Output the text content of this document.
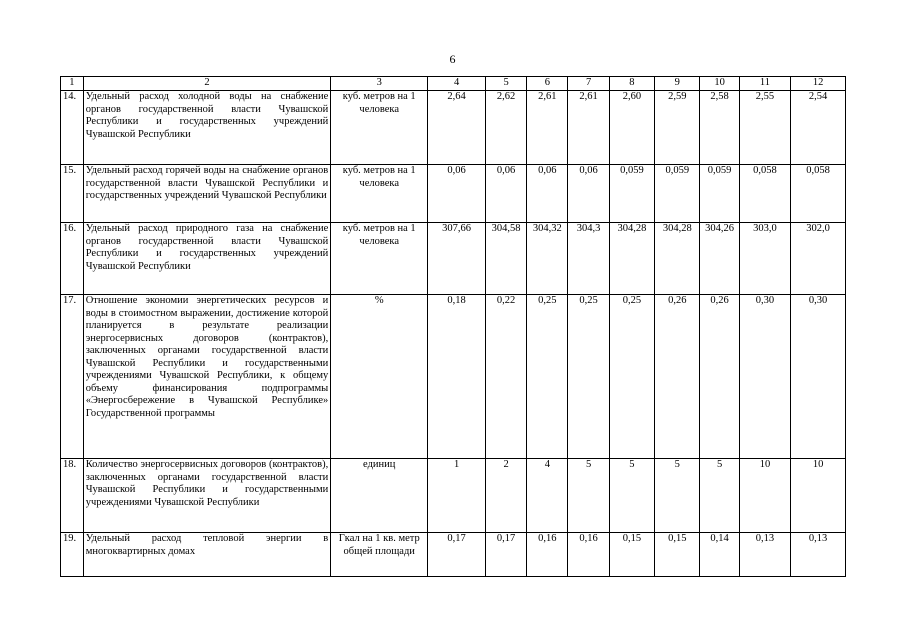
6
1	2	3	4	5	6	7	8	9	10	11	12
14.	Удельный расход холодной воды на снабжение органов государственной власти Чувашской Республики и государственных учреждений Чувашской Республики	куб. метров на 1 человека	2,64	2,62	2,61	2,61	2,60	2,59	2,58	2,55	2,54
15.	Удельный расход горячей воды на снабжение органов государственной власти Чувашской Республики и государственных учреждений Чувашской Республики	куб. метров на 1 человека	0,06	0,06	0,06	0,06	0,059	0,059	0,059	0,058	0,058
16.	Удельный расход природного газа на снабжение органов государственной власти Чувашской Республики и государственных учреждений Чувашской Республики	куб. метров на 1 человека	307,66	304,58	304,32	304,3	304,28	304,28	304,26	303,0	302,0
17.	Отношение экономии энергетических ресурсов и воды в стоимостном выражении, достижение которой планируется в результате реализации энергосервисных договоров (контрактов), заключенных органами государственной власти Чувашской Республики и государственными учреждениями Чувашской Республики, к общему объему финансирования подпрограммы «Энергосбережение в Чувашской Республике» Государственной программы	%	0,18	0,22	0,25	0,25	0,25	0,26	0,26	0,30	0,30
18.	Количество энергосервисных договоров (контрактов), заключенных органами государственной власти Чувашской Республики и государственными учреждениями Чувашской Республики	единиц	1	2	4	5	5	5	5	10	10
19.	Удельный расход тепловой энергии в многоквартирных домах	Гкал на 1 кв. метр общей площади	0,17	0,17	0,16	0,16	0,15	0,15	0,14	0,13	0,13
